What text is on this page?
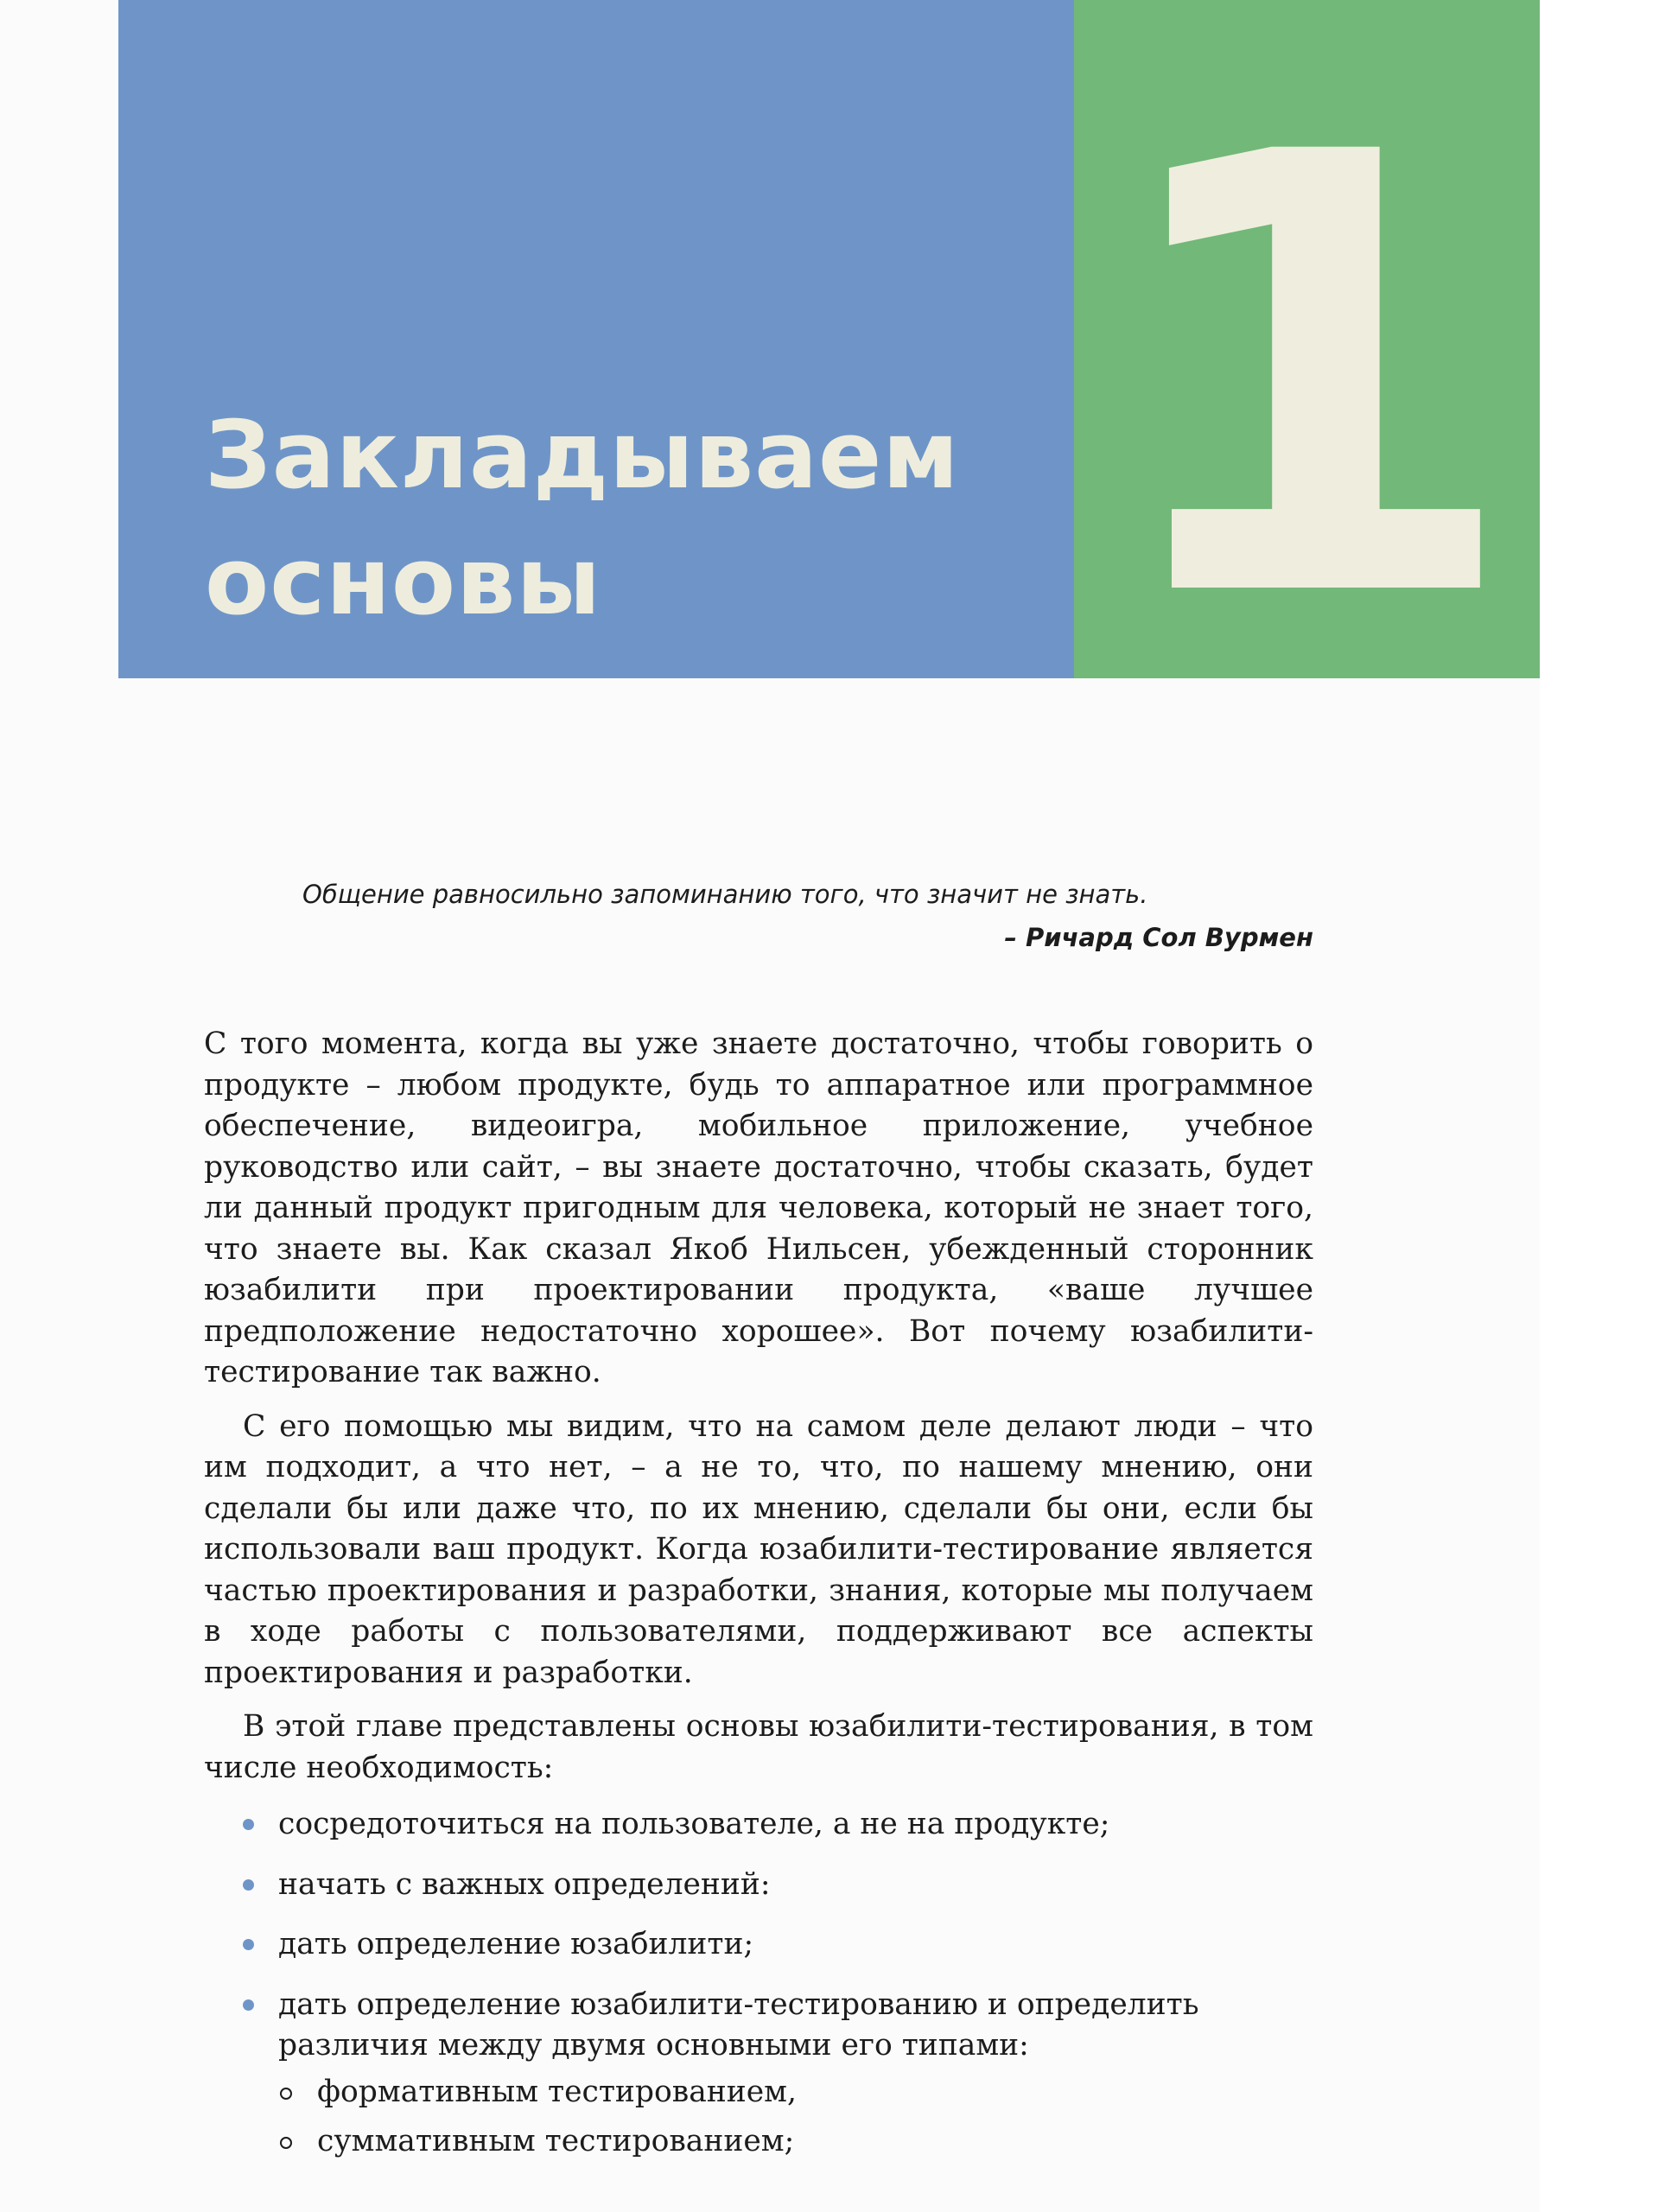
1
Закладываем
основы
Общение равносильно запоминанию того, что значит не знать.
– Ричард Сол Вурмен

С того момента, когда вы уже знаете достаточно, чтобы говорить о продукте – любом продукте, будь то аппаратное или программное обеспечение, видеоигра, мобильное приложение, учебное руководство или сайт, – вы знаете достаточно, чтобы сказать, будет ли данный продукт пригодным для человека, который не знает того, что знаете вы. Как сказал Якоб Нильсен, убежденный сторонник юзабилити при проектировании продукта, «ваше лучшее предположение недостаточно хорошее». Вот почему юзабилити-тестирование так важно.

С его помощью мы видим, что на самом деле делают люди – что им подходит, а что нет, – а не то, что, по нашему мнению, они сделали бы или даже что, по их мнению, сделали бы они, если бы использовали ваш продукт. Когда юзабилити-тестирование является частью проектирования и разработки, знания, которые мы получаем в ходе работы с пользователями, поддерживают все аспекты проектирования и разработки.

В этой главе представлены основы юзабилити-тестирования, в том числе необходимость:

сосредоточиться на пользователе, а не на продукте;
начать с важных определений:
дать определение юзабилити;
дать определение юзабилити-тестированию и определить различия между двумя основными его типами:
формативным тестированием,
суммативным тестированием;
